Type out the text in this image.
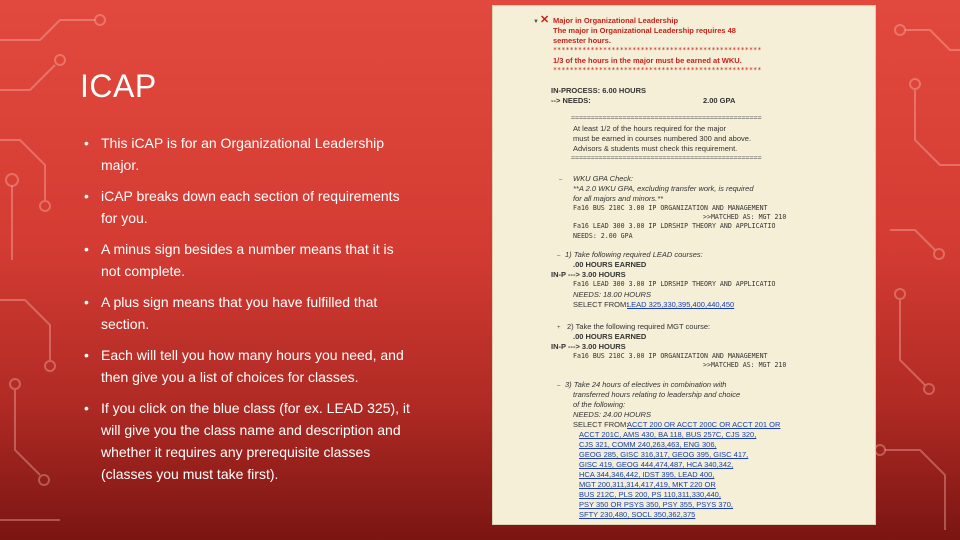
ICAP
• This iCAP is for an Organizational Leadership major.
• iCAP breaks down each section of requirements for you.
• A minus sign besides a number means that it is not complete.
• A plus sign means that you have fulfilled that section.
• Each will tell you how many hours you need, and then give you a list of choices for classes.
• If you click on the blue class (for ex. LEAD 325), it will give you the class name and description and whether it requires any prerequisite classes (classes you must take first).
▼ ✕ Major in Organizational Leadership
The major in Organizational Leadership requires 48
semester hours.
**************************************************
1/3 of the hours in the major must be earned at WKU.
**************************************************
IN-PROCESS: 6.00 HOURS
--> NEEDS:	2.00 GPA
================================================
At least 1/2 of the hours required for the major
must be earned in courses numbered 300 and above.
Advisors & students must check this requirement.
================================================
– WKU GPA Check:
**A 2.0 WKU GPA, excluding transfer work, is required
for all majors and minors.**
Fa16 BUS 210C 3.00 IP ORGANIZATION AND MANAGEMENT
>>MATCHED AS: MGT 210
Fa16 LEAD 300 3.00 IP LDRSHIP THEORY AND APPLICATIO
NEEDS: 2.00 GPA
– 1) Take following required LEAD courses:
.00 HOURS EARNED
IN-P ---> 3.00 HOURS
Fa16 LEAD 300 3.00 IP LDRSHIP THEORY AND APPLICATIO
NEEDS: 18.00 HOURS
SELECT FROM:
LEAD 325,330,395,400,440,450
+ 2) Take the following required MGT course:
.00 HOURS EARNED
IN-P ---> 3.00 HOURS
Fa16 BUS 210C 3.00 IP ORGANIZATION AND MANAGEMENT
>>MATCHED AS: MGT 210
– 3) Take 24 hours of electives in combination with
transferred hours relating to leadership and choice
of the following:
NEEDS: 24.00 HOURS
SELECT FROM:
ACCT 200 OR ACCT 200C OR ACCT 201 OR
ACCT 201C, AMS 430, BA 118, BUS 257C, CJS 320,
CJS 321, COMM 240,263,463, ENG 306,
GEOG 285, GISC 316,317, GEOG 395, GISC 417,
GISC 419, GEOG 444,474,487, HCA 340,342,
HCA 344,346,442, IDST 395, LEAD 400,
MGT 200,311,314,417,419, MKT 220 OR
BUS 212C, PLS 200, PS 110,311,330,440,
PSY 350 OR PSYS 350, PSY 355, PSYS 370,
SFTY 230,480, SOCL 350,362,375
